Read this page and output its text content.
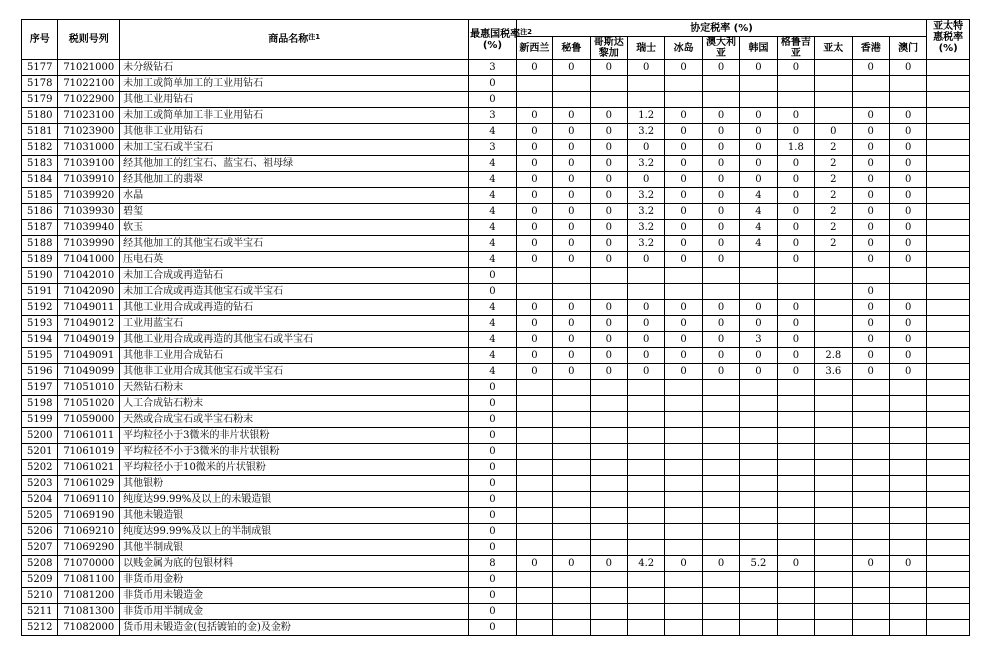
序号	税则号列	商品名称$^{注1}$	最惠国税率$^{注2}$
(%)	协定税率 (%)											亚太特惠税率(%)
				新西兰	秘鲁	哥斯达黎加	瑞士	冰岛	澳大利亚	韩国	格鲁吉亚	亚太	香港	澳门	
5177	71021000	未分级钻石	3	0	0	0	0	0	0	0	0		0	0	
5178	71022100	未加工或简单加工的工业用钻石	0												
5179	71022900	其他工业用钻石	0												
5180	71023100	未加工或简单加工非工业用钻石	3	0	0	0	1.2	0	0	0	0		0	0	
5181	71023900	其他非工业用钻石	4	0	0	0	3.2	0	0	0	0	0	0	0	
5182	71031000	未加工宝石或半宝石	3	0	0	0	0	0	0	0	1.8	2	0	0	
5183	71039100	经其他加工的红宝石、蓝宝石、祖母绿	4	0	0	0	3.2	0	0	0	0	2	0	0	
5184	71039910	经其他加工的翡翠	4	0	0	0	0	0	0	0	0	2	0	0	
5185	71039920	水晶	4	0	0	0	3.2	0	0	4	0	2	0	0	
5186	71039930	碧玺	4	0	0	0	3.2	0	0	4	0	2	0	0	
5187	71039940	软玉	4	0	0	0	3.2	0	0	4	0	2	0	0	
5188	71039990	经其他加工的其他宝石或半宝石	4	0	0	0	3.2	0	0	4	0	2	0	0	
5189	71041000	压电石英	4	0	0	0	0	0	0		0		0	0	
5190	71042010	未加工合成或再造钻石	0												
5191	71042090	未加工合成或再造其他宝石或半宝石	0										0		
5192	71049011	其他工业用合成或再造的钻石	4	0	0	0	0	0	0	0	0		0	0	
5193	71049012	工业用蓝宝石	4	0	0	0	0	0	0	0	0		0	0	
5194	71049019	其他工业用合成或再造的其他宝石或半宝石	4	0	0	0	0	0	0	3	0		0	0	
5195	71049091	其他非工业用合成钻石	4	0	0	0	0	0	0	0	0	2.8	0	0	
5196	71049099	其他非工业用合成其他宝石或半宝石	4	0	0	0	0	0	0	0	0	3.6	0	0	
5197	71051010	天然钻石粉末	0												
5198	71051020	人工合成钻石粉末	0												
5199	71059000	天然或合成宝石或半宝石粉末	0												
5200	71061011	平均粒径小于3微米的非片状银粉	0												
5201	71061019	平均粒径不小于3微米的非片状银粉	0												
5202	71061021	平均粒径小于10微米的片状银粉	0												
5203	71061029	其他银粉	0												
5204	71069110	纯度达99.99%及以上的未锻造银	0												
5205	71069190	其他未锻造银	0												
5206	71069210	纯度达99.99%及以上的半制成银	0												
5207	71069290	其他半制成银	0												
5208	71070000	以贱金属为底的包银材料	8	0	0	0	4.2	0	0	5.2	0		0	0	
5209	71081100	非货币用金粉	0												
5210	71081200	非货币用未锻造金	0												
5211	71081300	非货币用半制成金	0												
5212	71082000	货币用未锻造金(包括镀铂的金)及金粉	0												
